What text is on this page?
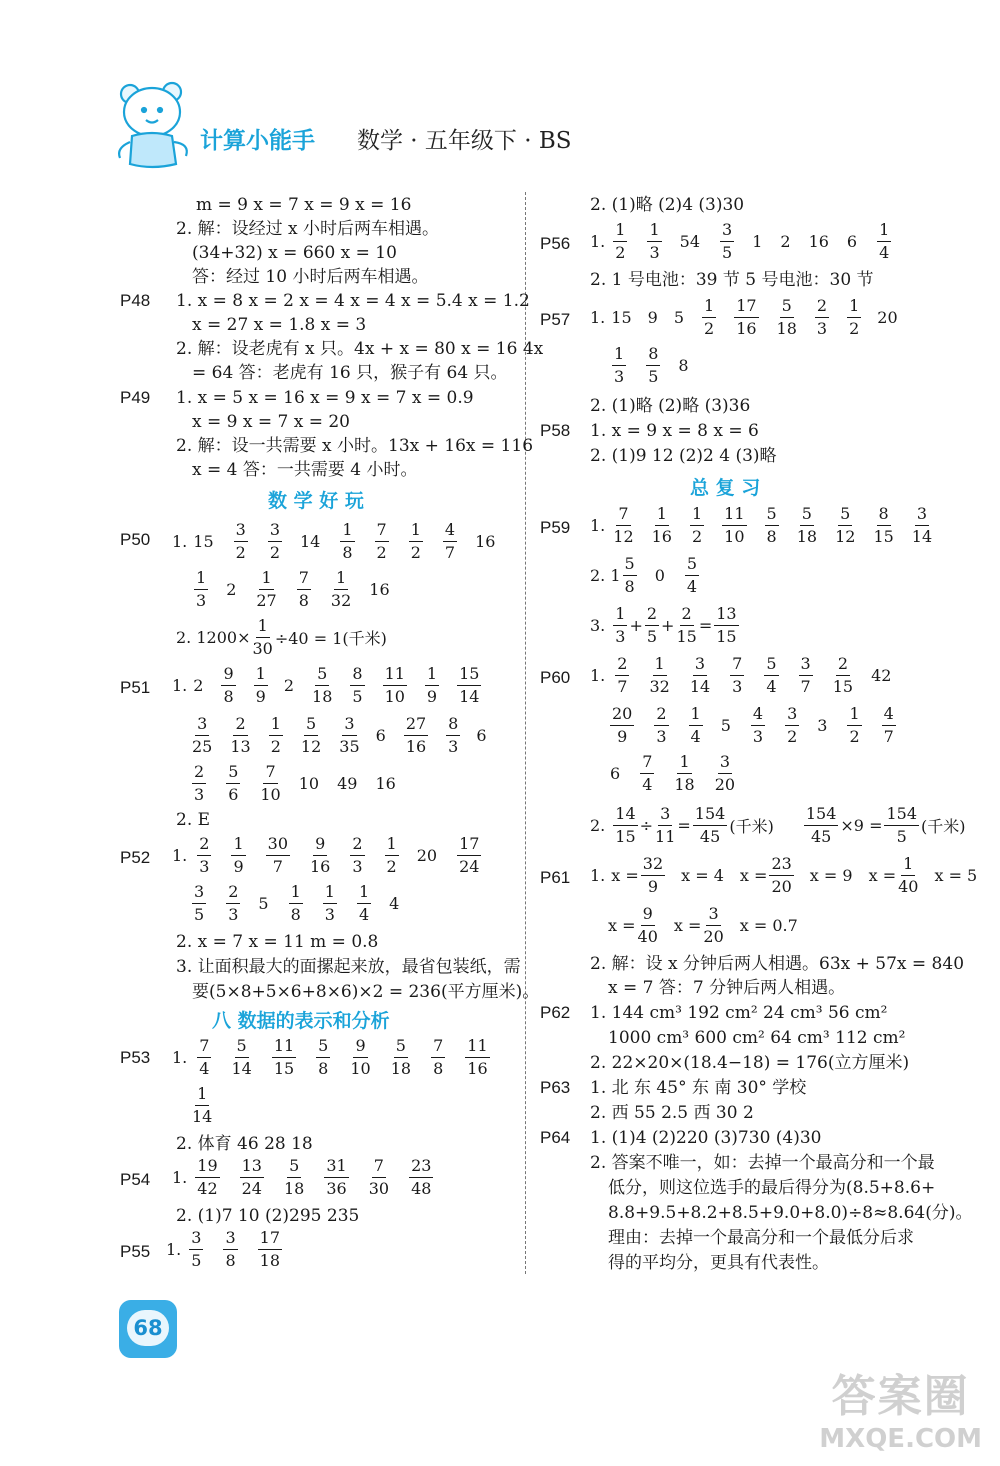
计算小能手 数学 · 五年级下 · BS
m = 9 x = 7 x = 9 x = 16
2. 解：设经过 x 小时后两车相遇。
(34+32) x = 660 x = 10
答：经过 10 小时后两车相遇。
P48 1. x = 8 x = 2 x = 4 x = 4 x = 5.4 x = 1.2
x = 27 x = 1.8 x = 3
2. 解：设老虎有 x 只。4x + x = 80 x = 16 4x
= 64 答：老虎有 16 只，猴子有 64 只。
P49 1. x = 5 x = 16 x = 9 x = 7 x = 0.9
x = 9 x = 7 x = 20
2. 解：设一共需要 x 小时。13x + 16x = 116
x = 4 答：一共需要 4 小时。
数 学 好 玩
P50 1. $15 \frac{3}{2} \frac{3}{2} 14 \frac{1}{8} \frac{7}{2} \frac{1}{2} \frac{4}{7} 16$
$\frac{1}{3} 2 \frac{1}{27} \frac{7}{8} \frac{1}{32} 16$
2. $1200\times \frac{1}{30} \div 40 = 1$(千米)
P51 1. $2 \frac{9}{8} \frac{1}{9} 2 \frac{5}{18} \frac{8}{5} \frac{11}{10} \frac{1}{9} \frac{15}{14}$
$\frac{3}{25} \frac{2}{13} \frac{1}{2} \frac{5}{12} \frac{3}{35} 6 \frac{27}{16} \frac{8}{3} 6$
$\frac{2}{3} \frac{5}{6} \frac{7}{10} 10$ 49 16
2. E
P52 1. $\frac{2}{3} \frac{1}{9} \frac{30}{7} \frac{9}{16} \frac{2}{3} \frac{1}{2} 20 \frac{17}{24}$
$\frac{3}{5} \frac{2}{3} 5 \frac{1}{8} \frac{1}{3} \frac{1}{4} 4$
2. x = 7 x = 11 m = 0.8
3. 让面积最大的面摞起来放，最省包装纸，需
要(5×8+5×6+8×6)×2 = 236(平方厘米)。
八 数据的表示和分析
P53 1. $\frac{7}{4} \frac{5}{14} \frac{11}{15} \frac{5}{8} \frac{9}{10} \frac{5}{18} \frac{7}{8} \frac{11}{16}$
$\frac{1}{14}$
2. 体育 46 28 18
P54 1. $\frac{19}{42} \frac{13}{24} \frac{5}{18} \frac{31}{36} \frac{7}{30} \frac{23}{48}$
2. (1)7 10 (2)295 235
P55 1. $\frac{3}{5} \frac{3}{8} \frac{17}{18}$
2. (1)略 (2)4 (3)30
P56 1. $\frac{1}{2} \frac{1}{3} 54 \frac{3}{5} 1$ 2 16 $6 \frac{1}{4}$
2. 1 号电池：39 节 5 号电池：30 节
P57 1. 15 9 $5 \frac{1}{2} \frac{17}{16} \frac{5}{18} \frac{2}{3} \frac{1}{2} 20$
$\frac{1}{3} \frac{8}{5} 8$
2. (1)略 (2)略 (3)36
P58 1. x = 9 x = 8 x = 6
2. (1)9 12 (2)2 4 (3)略
总 复 习
P59 1. $\frac{7}{12} \frac{1}{16} \frac{1}{2} \frac{11}{10} \frac{5}{8} \frac{5}{18} \frac{5}{12} \frac{8}{15} \frac{3}{14}$
2. $1 \frac{5}{8} 0 \frac{5}{4}$
3. $\frac{1}{3} + \frac{2}{5} + \frac{2}{15} = \frac{13}{15}$
P60 1. $\frac{2}{7} \frac{1}{32} \frac{3}{14} \frac{7}{3} \frac{5}{4} \frac{3}{7} \frac{2}{15} 42$
$\frac{20}{9} \frac{2}{3} \frac{1}{4} 5 \frac{4}{3} \frac{3}{2} 3 \frac{1}{2} \frac{4}{7}$
$6 \frac{7}{4} \frac{1}{18} \frac{3}{20}$
2. $\frac{14}{15} \div \frac{3}{11} = \frac{154}{45}$ (千米) $\frac{154}{45} \times 9 = \frac{154}{5}$ (千米)
P61 1. $x = \frac{32}{9}$ x = 4 $x = \frac{23}{20}$ x = 9 $x = \frac{1}{40}$ x = 5
$x = \frac{9}{40}$ $x = \frac{3}{20}$ x = 0.7
2. 解：设 x 分钟后两人相遇。63x + 57x = 840
x = 7 答：7 分钟后两人相遇。
P62 1. 144 cm³ 192 cm² 24 cm³ 56 cm²
1000 cm³ 600 cm² 64 cm³ 112 cm²
2. 22×20×(18.4−18) = 176(立方厘米)
P63 1. 北 东 45° 东 南 30° 学校
2. 西 55 2.5 西 30 2
P64 1. (1)4 (2)220 (3)730 (4)30
2. 答案不唯一，如：去掉一个最高分和一个最
低分，则这位选手的最后得分为(8.5+8.6+
8.8+9.5+8.2+8.5+9.0+8.0)÷8≈8.64(分)。
理由：去掉一个最高分和一个最低分后求
得的平均分，更具有代表性。
68
答案圈
MXQE.COM
